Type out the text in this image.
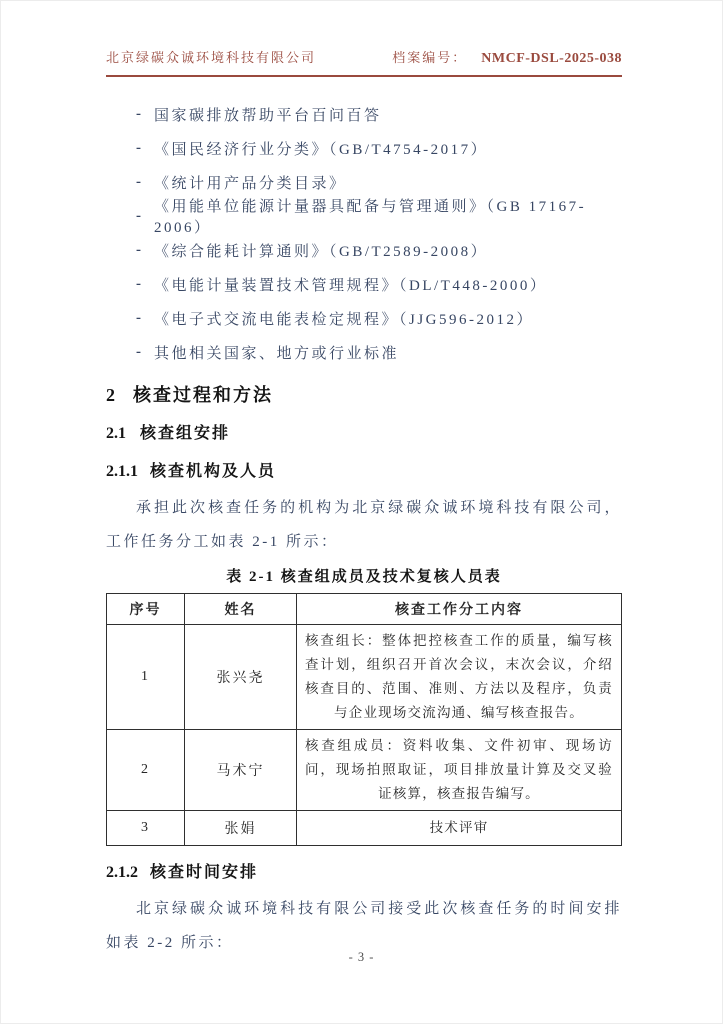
北京绿碳众诚环境科技有限公司	档案编号： NMCF-DSL-2025-038
- 国家碳排放帮助平台百问百答
- 《国民经济行业分类》（GB/T4754-2017）
- 《统计用产品分类目录》
-
《用能单位能源计量器具配备与管理通则》（GB 17167-2006）
- 《综合能耗计算通则》（GB/T2589-2008）
- 《电能计量装置技术管理规程》（DL/T448-2000）
- 《电子式交流电能表检定规程》（JJG596-2012）
- 其他相关国家、地方或行业标准
2 核查过程和方法
2.1 核查组安排
2.1.1 核查机构及人员

承担此次核查任务的机构为北京绿碳众诚环境科技有限公司，工作任务分工如表 2-1 所示：

表 2-1 核查组成员及技术复核人员表
序号	姓名	核查工作分工内容
1	张兴尧	核查组长：整体把控核查工作的质量，编写核查计划，组织召开首次会议，末次会议，介绍核查目的、范围、准则、方法以及程序，负责与企业现场交流沟通、编写核查报告。
2	马术宁	核查组成员：资料收集、文件初审、现场访问，现场拍照取证，项目排放量计算及交叉验证核算，核查报告编写。
3	张娟	技术评审
2.1.2 核查时间安排

北京绿碳众诚环境科技有限公司接受此次核查任务的时间安排如表 2-2 所示：

- 3 -
